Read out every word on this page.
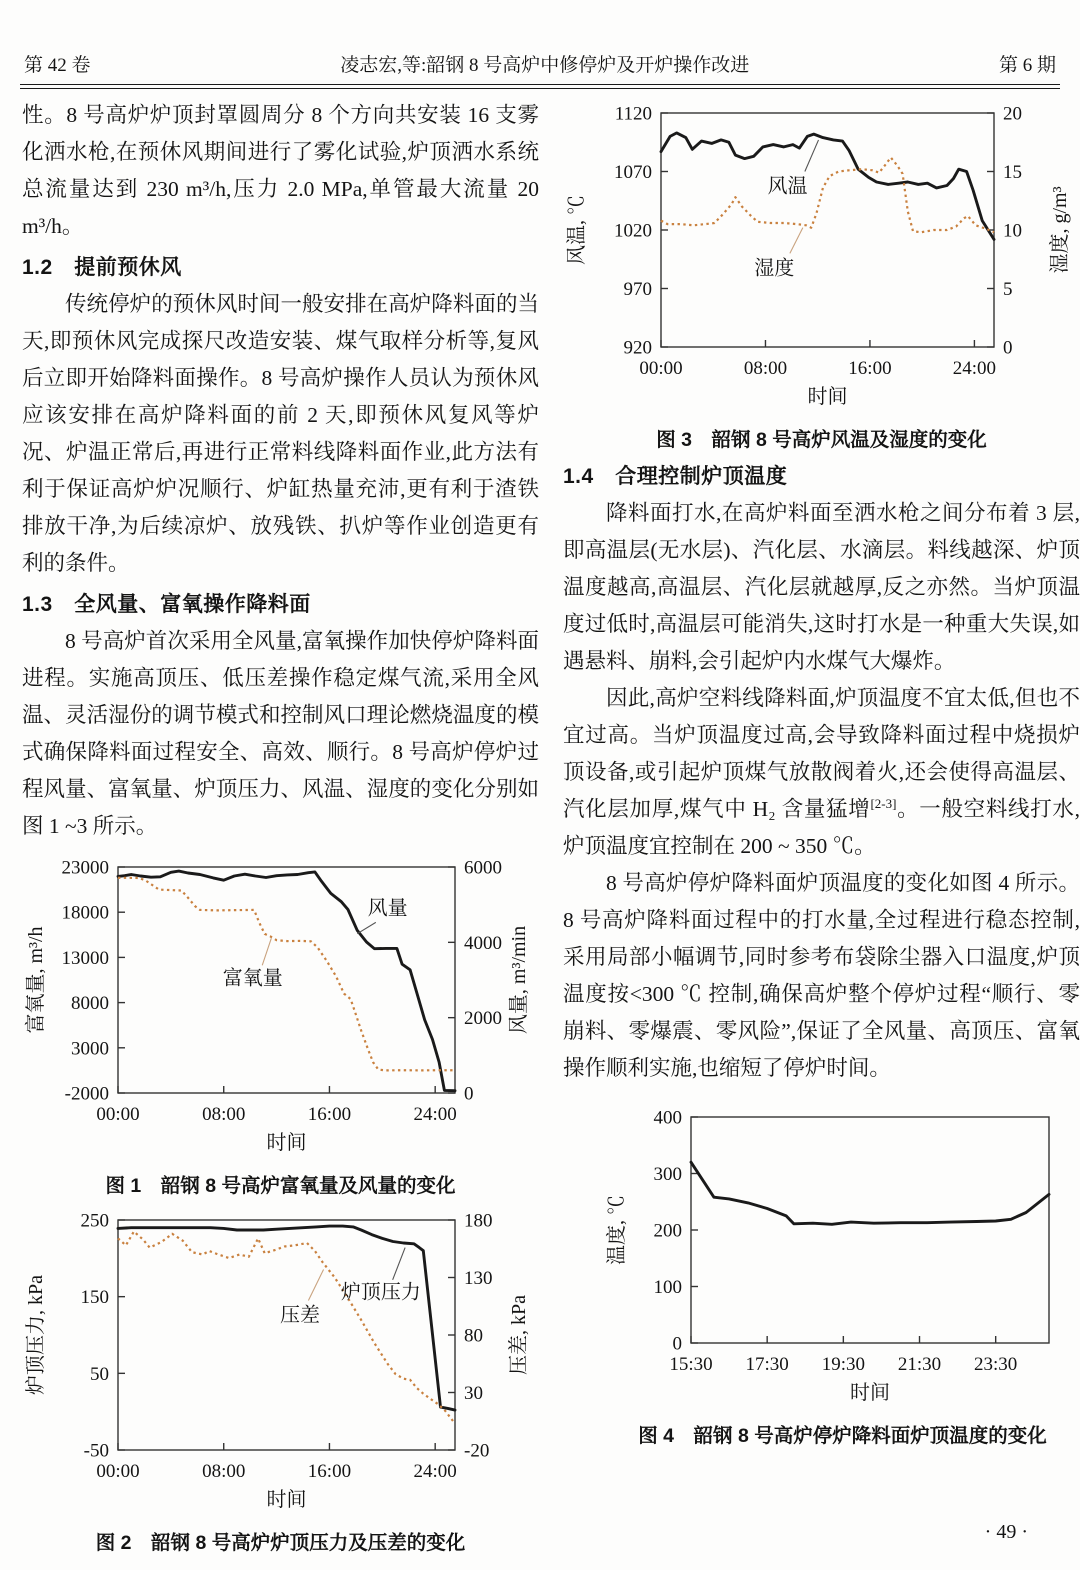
第 42 卷	凌志宏,等:韶钢 8 号高炉中修停炉及开炉操作改进	第 6 期

性。8 号高炉炉顶封罩圆周分 8 个方向共安装 16 支雾化洒水枪,在预休风期间进行了雾化试验,炉顶洒水系统总流量达到 230 m³/h,压力 2.0 MPa,单管最大流量 20 m³/h。

1.2　提前预休风

传统停炉的预休风时间一般安排在高炉降料面的当天,即预休风完成探尺改造安装、煤气取样分析等,复风后立即开始降料面操作。8 号高炉操作人员认为预休风应该安排在高炉降料面的前 2 天,即预休风复风等炉况、炉温正常后,再进行正常料线降料面作业,此方法有利于保证高炉炉况顺行、炉缸热量充沛,更有利于渣铁排放干净,为后续凉炉、放残铁、扒炉等作业创造更有利的条件。

1.3　全风量、富氧操作降料面

8 号高炉首次采用全风量,富氧操作加快停炉降料面进程。实施高顶压、低压差操作稳定煤气流,采用全风温、灵活湿份的调节模式和控制风口理论燃烧温度的模式确保降料面过程安全、高效、顺行。8 号高炉停炉过程风量、富氧量、炉顶压力、风温、湿度的变化分别如图 1 ~3 所示。

-2000
3000
8000
13000
18000
23000
0
2000
4000
6000
00:00	08:00	16:00	24:00
时间
富氧量, m³/h	风量, m³/min
风量
富氧量
图 1　韶钢 8 号高炉富氧量及风量的变化
-50
50
150
250
-20
30
80
130
180
00:00	08:00	16:00	24:00
时间
炉顶压力, kPa	压差, kPa
压差
炉顶压力
图 2　韶钢 8 号高炉炉顶压力及压差的变化
920
970
1020
1070
1120
0
5
10
15
20
00:00	08:00	16:00	24:00
时间
风温, ℃	湿度, g/m³
风温
湿度
图 3　韶钢 8 号高炉风温及湿度的变化
1.4　合理控制炉顶温度

降料面打水,在高炉料面至洒水枪之间分布着 3 层,即高温层(无水层)、汽化层、水滴层。料线越深、炉顶温度越高,高温层、汽化层就越厚,反之亦然。当炉顶温度过低时,高温层可能消失,这时打水是一种重大失误,如遇悬料、崩料,会引起炉内水煤气大爆炸。

因此,高炉空料线降料面,炉顶温度不宜太低,但也不宜过高。当炉顶温度过高,会导致降料面过程中烧损炉顶设备,或引起炉顶煤气放散阀着火,还会使得高温层、汽化层加厚,煤气中 H₂ 含量猛增[2-3]。一般空料线打水,炉顶温度宜控制在 200 ~ 350 ℃。

8 号高炉停炉降料面炉顶温度的变化如图 4 所示。8 号高炉降料面过程中的打水量,全过程进行稳态控制,采用局部小幅调节,同时参考布袋除尘器入口温度,炉顶温度按<300 ℃ 控制,确保高炉整个停炉过程“顺行、零崩料、零爆震、零风险”,保证了全风量、高顶压、富氧操作顺利实施,也缩短了停炉时间。

0
100
200
300
400
15:30 17:30 19:30 21:30 23:30
时间
温度, ℃
图 4　韶钢 8 号高炉停炉降料面炉顶温度的变化
· 49 ·
